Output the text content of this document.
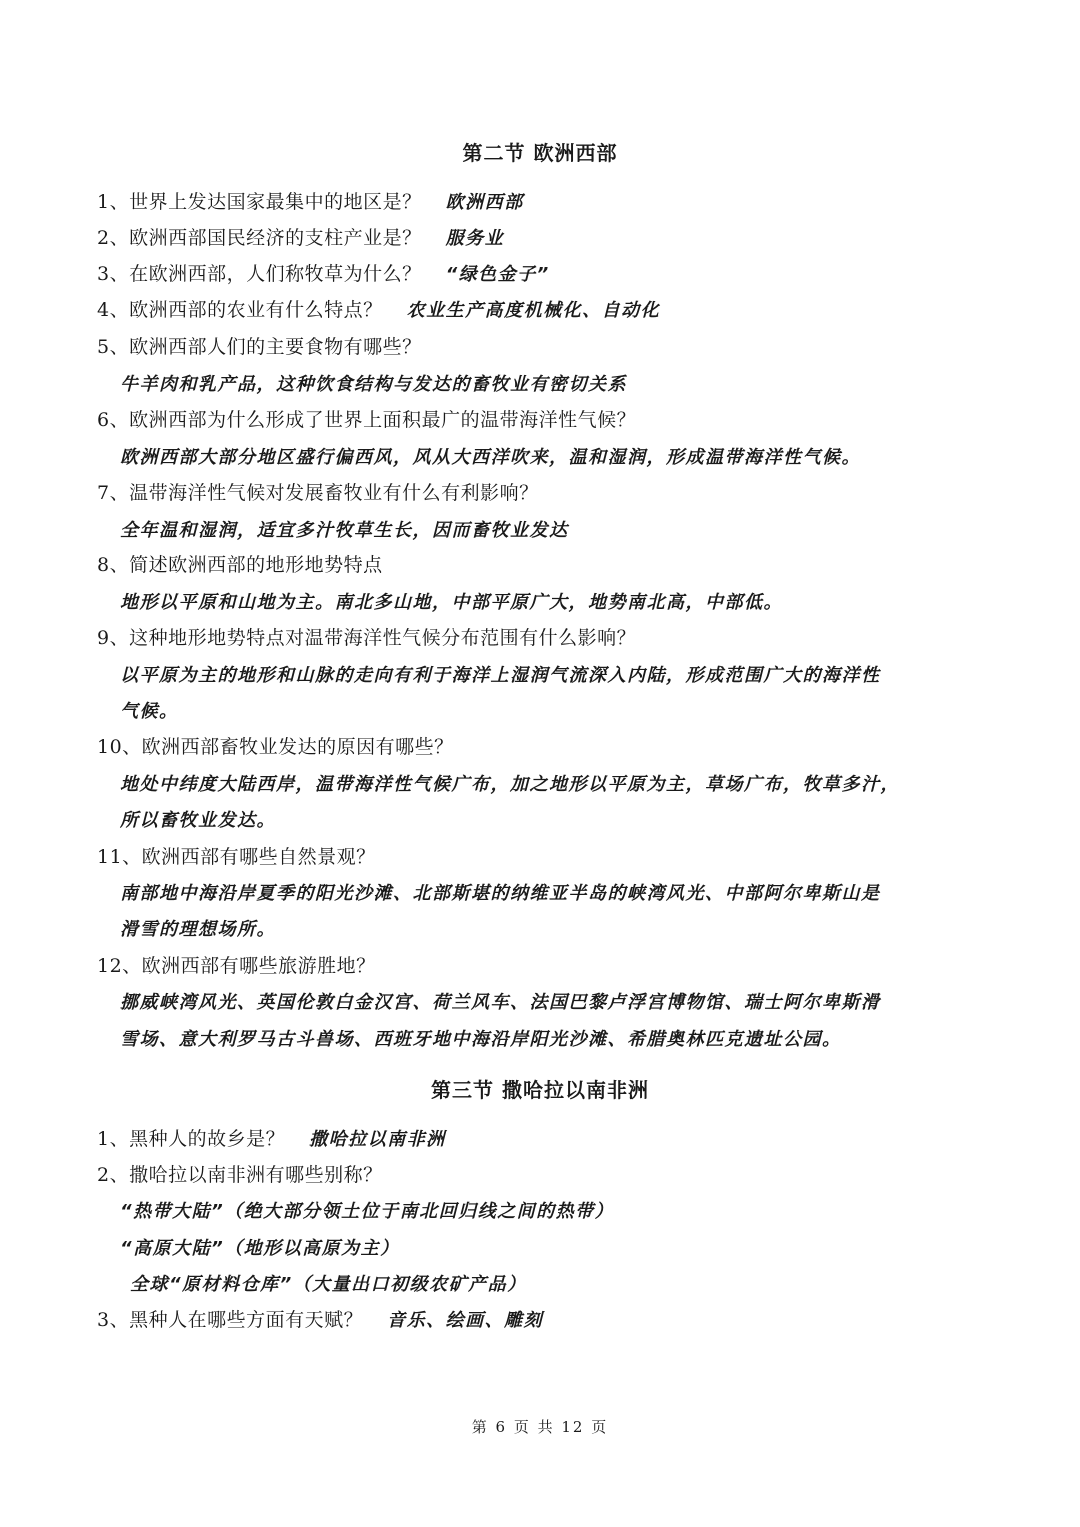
第二节 欧洲西部
1、世界上发达国家最集中的地区是？ 欧洲西部
2、欧洲西部国民经济的支柱产业是？ 服务业
3、在欧洲西部，人们称牧草为什么？ “绿色金子”
4、欧洲西部的农业有什么特点？ 农业生产高度机械化、自动化
5、欧洲西部人们的主要食物有哪些？
牛羊肉和乳产品，这种饮食结构与发达的畜牧业有密切关系
6、欧洲西部为什么形成了世界上面积最广的温带海洋性气候？
欧洲西部大部分地区盛行偏西风，风从大西洋吹来，温和湿润，形成温带海洋性气候。
7、温带海洋性气候对发展畜牧业有什么有利影响？
全年温和湿润，适宜多汁牧草生长，因而畜牧业发达
8、简述欧洲西部的地形地势特点
地形以平原和山地为主。南北多山地，中部平原广大，地势南北高，中部低。
9、这种地形地势特点对温带海洋性气候分布范围有什么影响？
以平原为主的地形和山脉的走向有利于海洋上湿润气流深入内陆，形成范围广大的海洋性
气候。
10、欧洲西部畜牧业发达的原因有哪些？
地处中纬度大陆西岸，温带海洋性气候广布，加之地形以平原为主，草场广布，牧草多汁，
所以畜牧业发达。
11、欧洲西部有哪些自然景观？
南部地中海沿岸夏季的阳光沙滩、北部斯堪的纳维亚半岛的峡湾风光、中部阿尔卑斯山是
滑雪的理想场所。
12、欧洲西部有哪些旅游胜地？
挪威峡湾风光、英国伦敦白金汉宫、荷兰风车、法国巴黎卢浮宫博物馆、瑞士阿尔卑斯滑
雪场、意大利罗马古斗兽场、西班牙地中海沿岸阳光沙滩、希腊奥林匹克遗址公园。
第三节 撒哈拉以南非洲
1、黑种人的故乡是？ 撒哈拉以南非洲
2、撒哈拉以南非洲有哪些别称？
“热带大陆”（绝大部分领土位于南北回归线之间的热带）
“高原大陆”（地形以高原为主）
全球“原材料仓库”（大量出口初级农矿产品）
3、黑种人在哪些方面有天赋？ 音乐、绘画、雕刻
第 6 页 共 12 页
